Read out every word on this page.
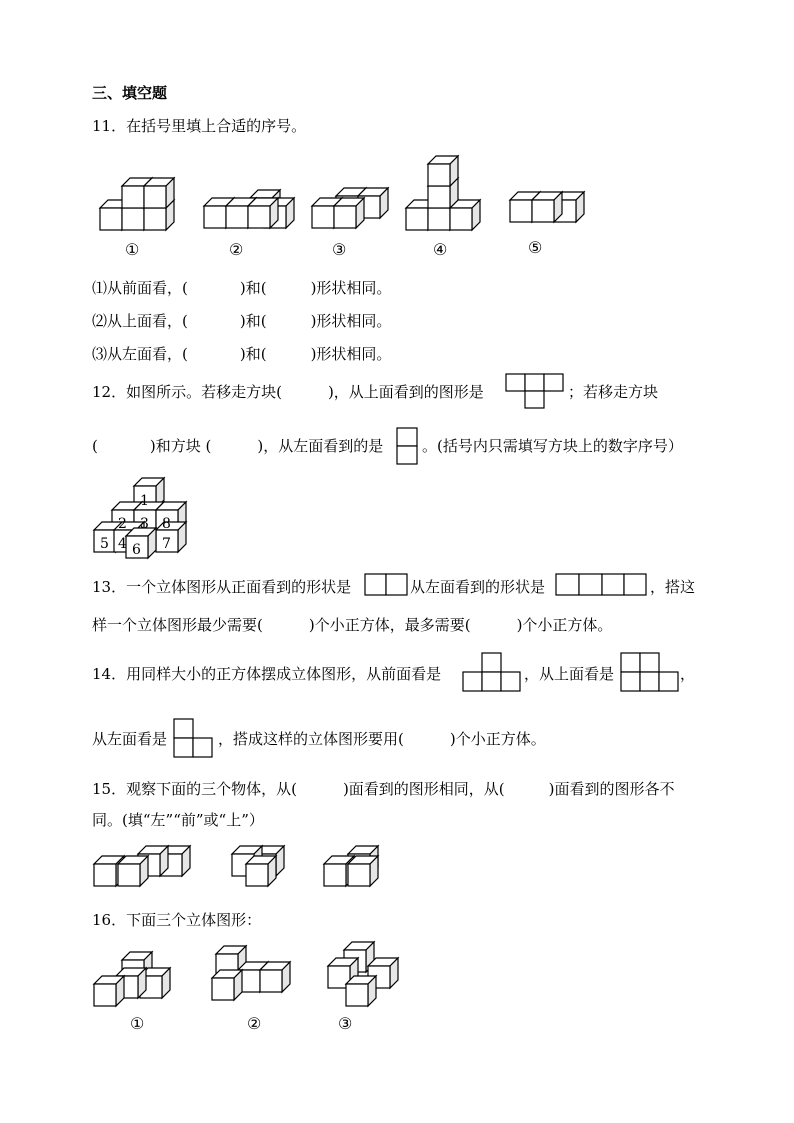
三、填空题
11．在括号里填上合适的序号。
①	②	③	④	⑤
⑴从前面看，(	)和(	)形状相同。
⑵从上面看，(	)和(	)形状相同。
⑶从左面看，(	)和(	)形状相同。
12．如图所示。若移走方块(	)，从上面看到的图形是	；若移走方块
(	)和方块 (	)，从左面看到的是	。(括号内只需填写方块上的数字序号）
1
2 3 8
5 4 6 7
13．一个立体图形从正面看到的形状是	从左面看到的形状是	，搭这
样一个立体图形最少需要(	)个小正方体，最多需要(	)个小正方体。
14．用同样大小的正方体摆成立体图形，从前面看是	，从上面看是	，
从左面看是	，搭成这样的立体图形要用(	)个小正方体。
15．观察下面的三个物体，从(	)面看到的图形相同，从(	)面看到的图形各不
同。(填“左”“前”或“上”）
16．下面三个立体图形：
①	②	③
